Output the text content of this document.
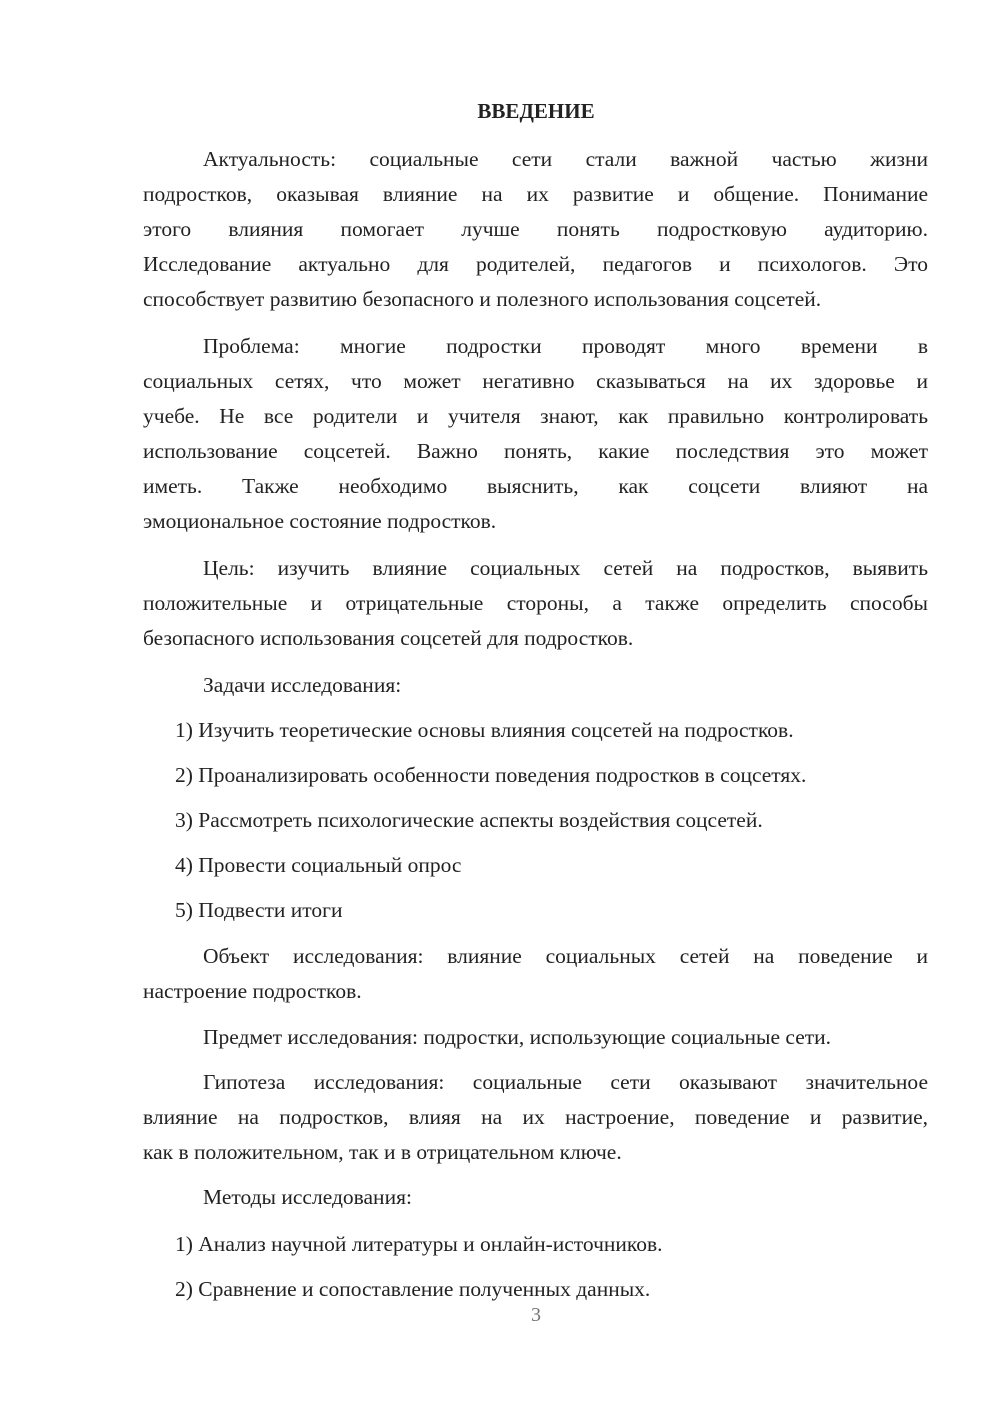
ВВЕДЕНИЕ
Актуальность: социальные сети стали важной частью жизни
подростков, оказывая влияние на их развитие и общение. Понимание
этого влияния помогает лучше понять подростковую аудиторию.
Исследование актуально для родителей, педагогов и психологов. Это
способствует развитию безопасного и полезного использования соцсетей.
Проблема: многие подростки проводят много времени в
социальных сетях, что может негативно сказываться на их здоровье и
учебе. Не все родители и учителя знают, как правильно контролировать
использование соцсетей. Важно понять, какие последствия это может
иметь. Также необходимо выяснить, как соцсети влияют на
эмоциональное состояние подростков.
Цель: изучить влияние социальных сетей на подростков, выявить
положительные и отрицательные стороны, а также определить способы
безопасного использования соцсетей для подростков.
Задачи исследования:
1) Изучить теоретические основы влияния соцсетей на подростков.
2) Проанализировать особенности поведения подростков в соцсетях.
3) Рассмотреть психологические аспекты воздействия соцсетей.
4) Провести социальный опрос
5) Подвести итоги
Объект исследования: влияние социальных сетей на поведение и
настроение подростков.
Предмет исследования: подростки, использующие социальные сети.
Гипотеза исследования: социальные сети оказывают значительное
влияние на подростков, влияя на их настроение, поведение и развитие,
как в положительном, так и в отрицательном ключе.
Методы исследования:
1) Анализ научной литературы и онлайн-источников.
2) Сравнение и сопоставление полученных данных.
3
